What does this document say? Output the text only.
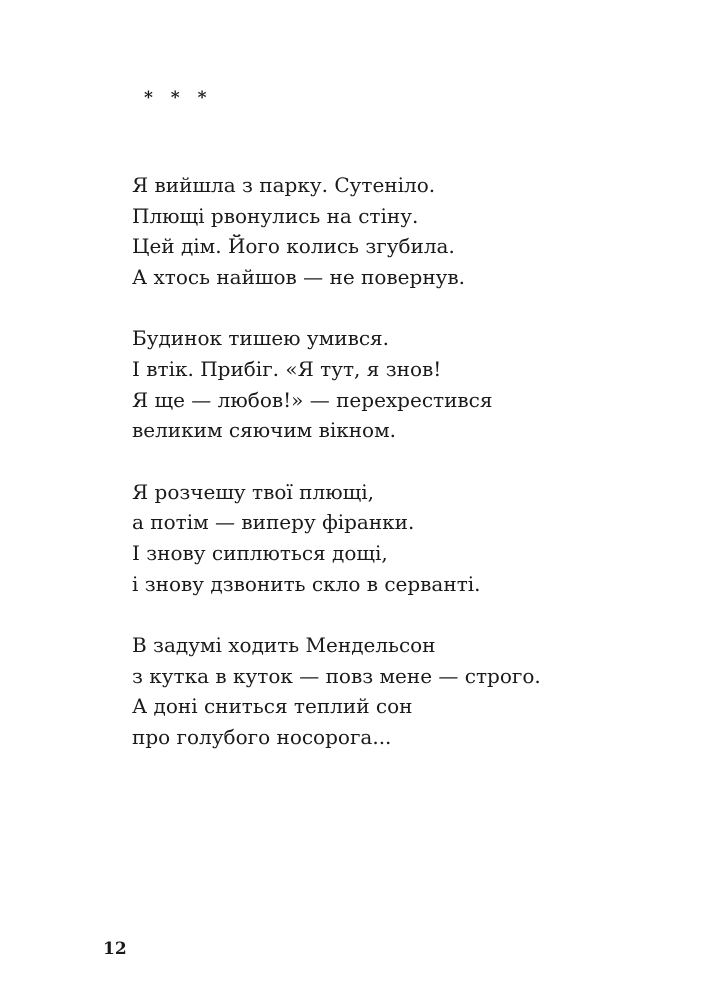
* * *
Я вийшла з парку. Сутеніло.
Плющі рвонулись на стіну.
Цей дім. Його колись згубила.
А хтось найшов — не повернув.
Будинок тишею умився.
І втік. Прибіг. «Я тут, я знов!
Я ще — любов!» — перехрестився
великим сяючим вікном.
Я розчешу твої плющі,
а потім — виперу фіранки.
І знову сиплються дощі,
і знову дзвонить скло в серванті.
В задумі ходить Мендельсон
з кутка в куток — повз мене — строго.
А доні сниться теплий сон
про голубого носорога...
12
